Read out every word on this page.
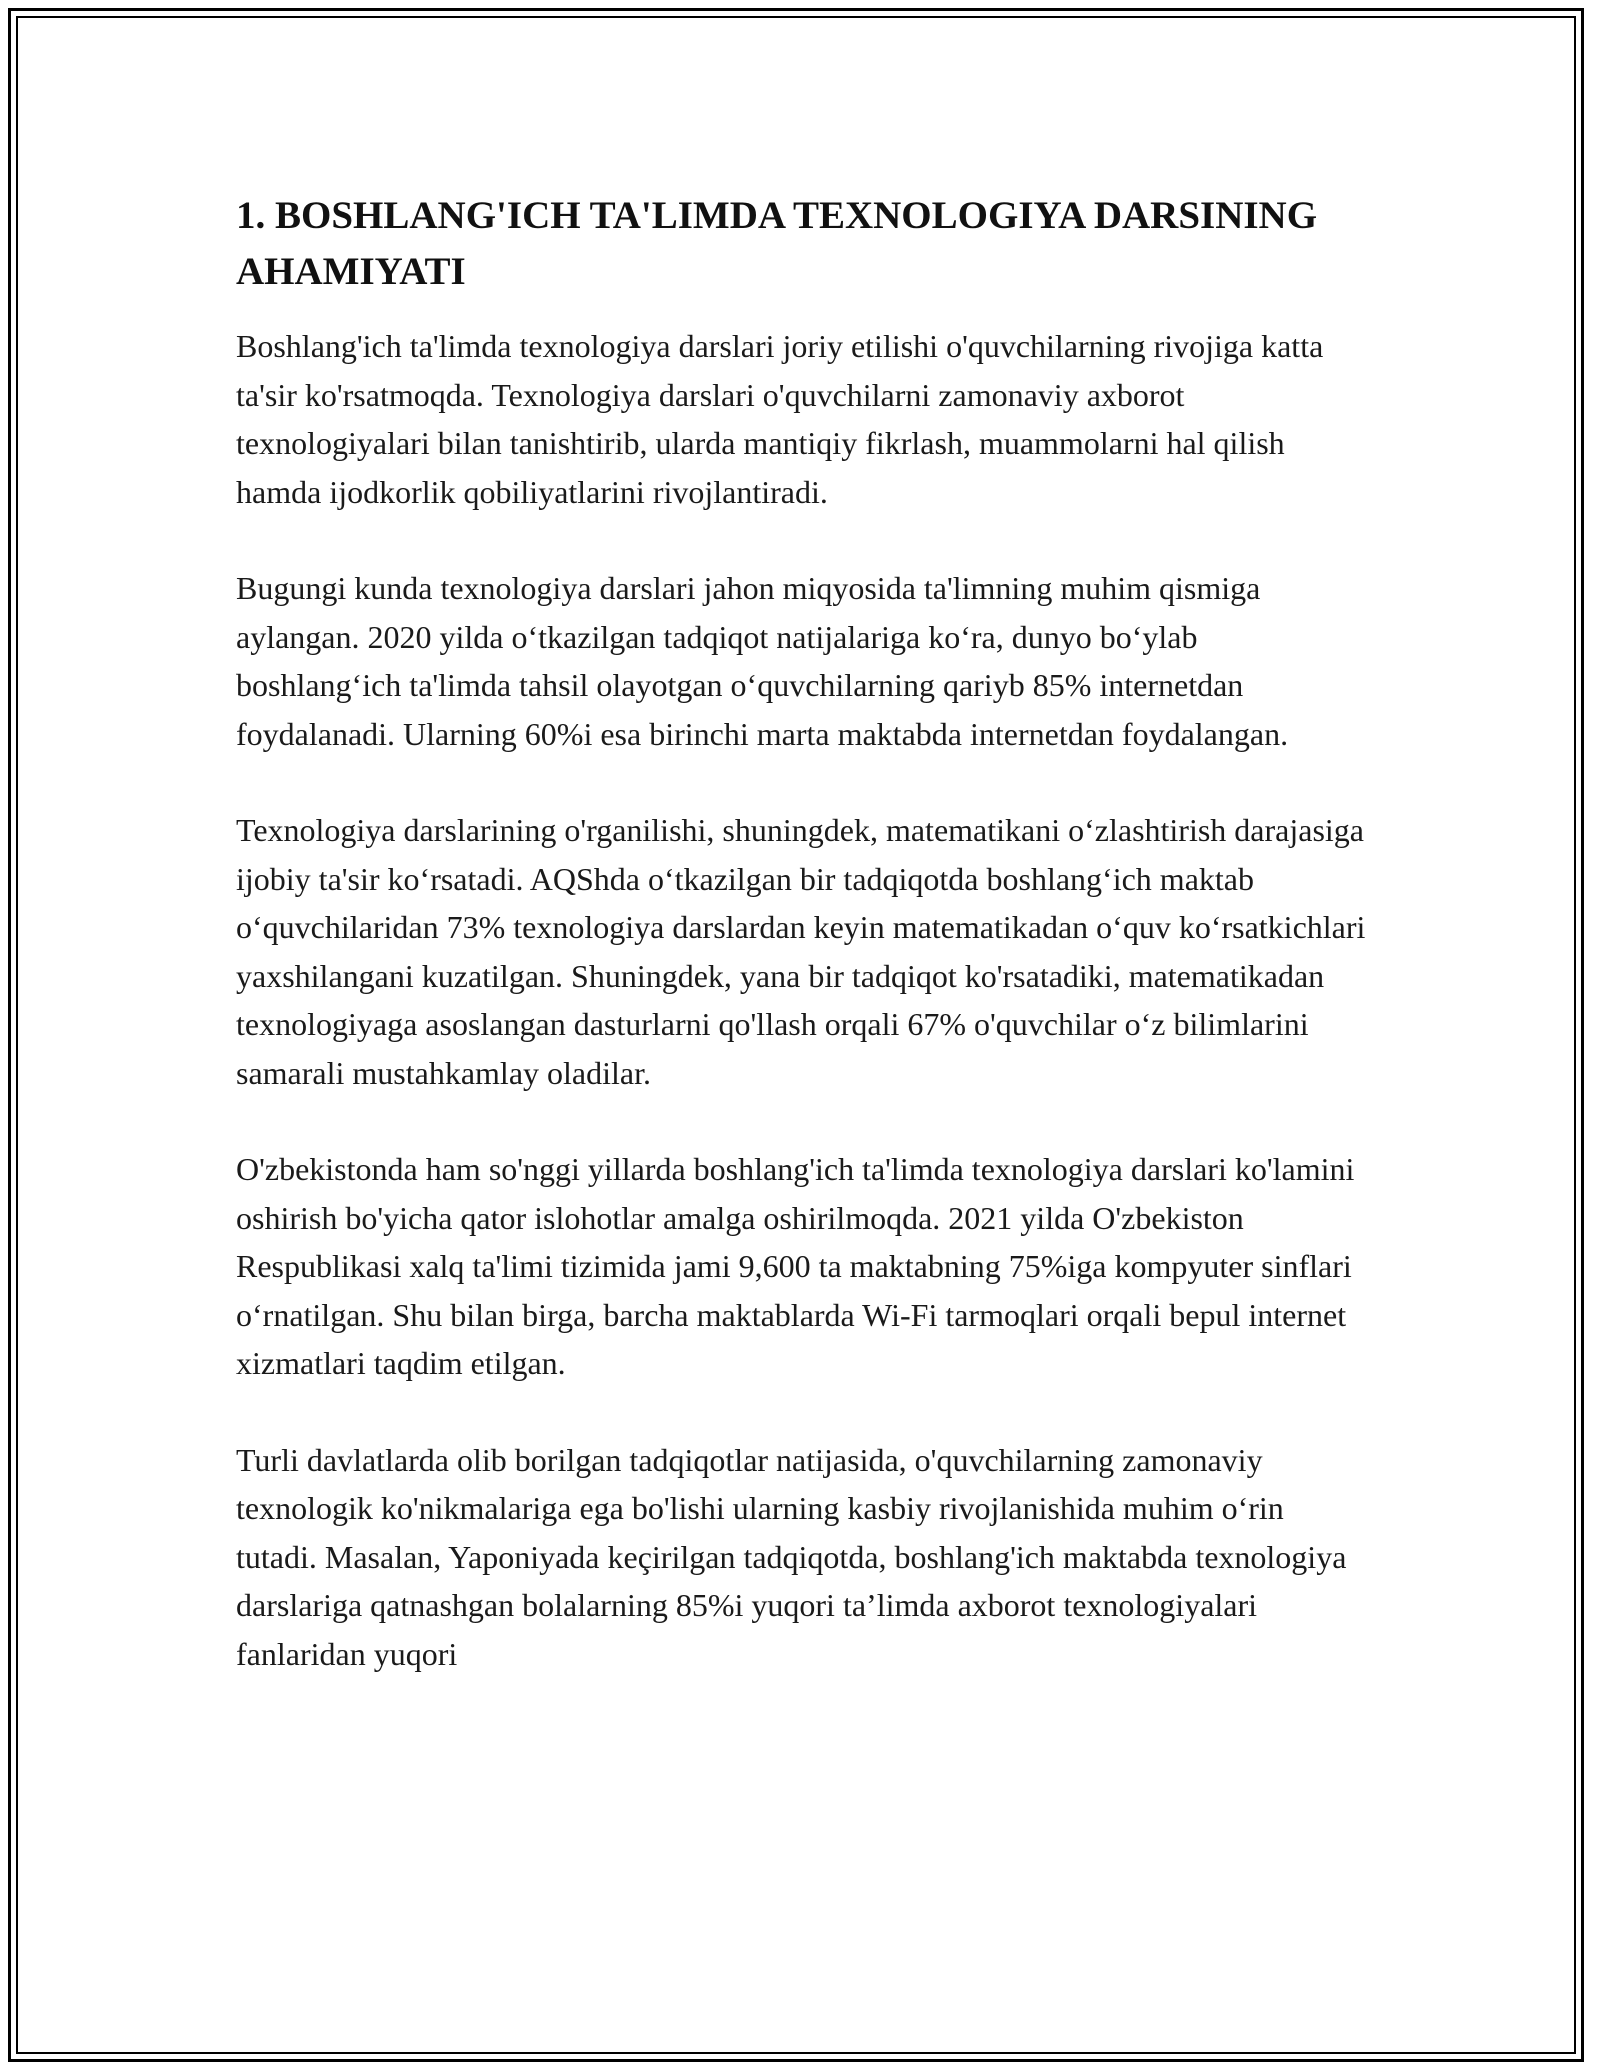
1. BOSHLANG'ICH TA'LIMDA TEXNOLOGIYA DARSINING AHAMIYATI

Boshlang'ich ta'limda texnologiya darslari joriy etilishi o'quvchilarning rivojiga katta ta'sir ko'rsatmoqda. Texnologiya darslari o'quvchilarni zamonaviy axborot texnologiyalari bilan tanishtirib, ularda mantiqiy fikrlash, muammolarni hal qilish hamda ijodkorlik qobiliyatlarini rivojlantiradi.

Bugungi kunda texnologiya darslari jahon miqyosida ta'limning muhim qismiga aylangan. 2020 yilda o‘tkazilgan tadqiqot natijalariga ko‘ra, dunyo bo‘ylab boshlang‘ich ta'limda tahsil olayotgan o‘quvchilarning qariyb 85% internetdan foydalanadi. Ularning 60%i esa birinchi marta maktabda internetdan foydalangan.

Texnologiya darslarining o'rganilishi, shuningdek, matematikani o‘zlashtirish darajasiga ijobiy ta'sir ko‘rsatadi. AQShda o‘tkazilgan bir tadqiqotda boshlang‘ich maktab o‘quvchilaridan 73% texnologiya darslardan keyin matematikadan o‘quv ko‘rsatkichlari yaxshilangani kuzatilgan. Shuningdek, yana bir tadqiqot ko'rsatadiki, matematikadan texnologiyaga asoslangan dasturlarni qo'llash orqali 67% o'quvchilar o‘z bilimlarini samarali mustahkamlay oladilar.

O'zbekistonda ham so'nggi yillarda boshlang'ich ta'limda texnologiya darslari ko'lamini oshirish bo'yicha qator islohotlar amalga oshirilmoqda. 2021 yilda O'zbekiston Respublikasi xalq ta'limi tizimida jami 9,600 ta maktabning 75%iga kompyuter sinflari o‘rnatilgan. Shu bilan birga, barcha maktablarda Wi-Fi tarmoqlari orqali bepul internet xizmatlari taqdim etilgan.

Turli davlatlarda olib borilgan tadqiqotlar natijasida, o'quvchilarning zamonaviy texnologik ko'nikmalariga ega bo'lishi ularning kasbiy rivojlanishida muhim o‘rin tutadi. Masalan, Yaponiyada keçirilgan tadqiqotda, boshlang'ich maktabda texnologiya darslariga qatnashgan bolalarning 85%i yuqori ta’limda axborot texnologiyalari fanlaridan yuqori
